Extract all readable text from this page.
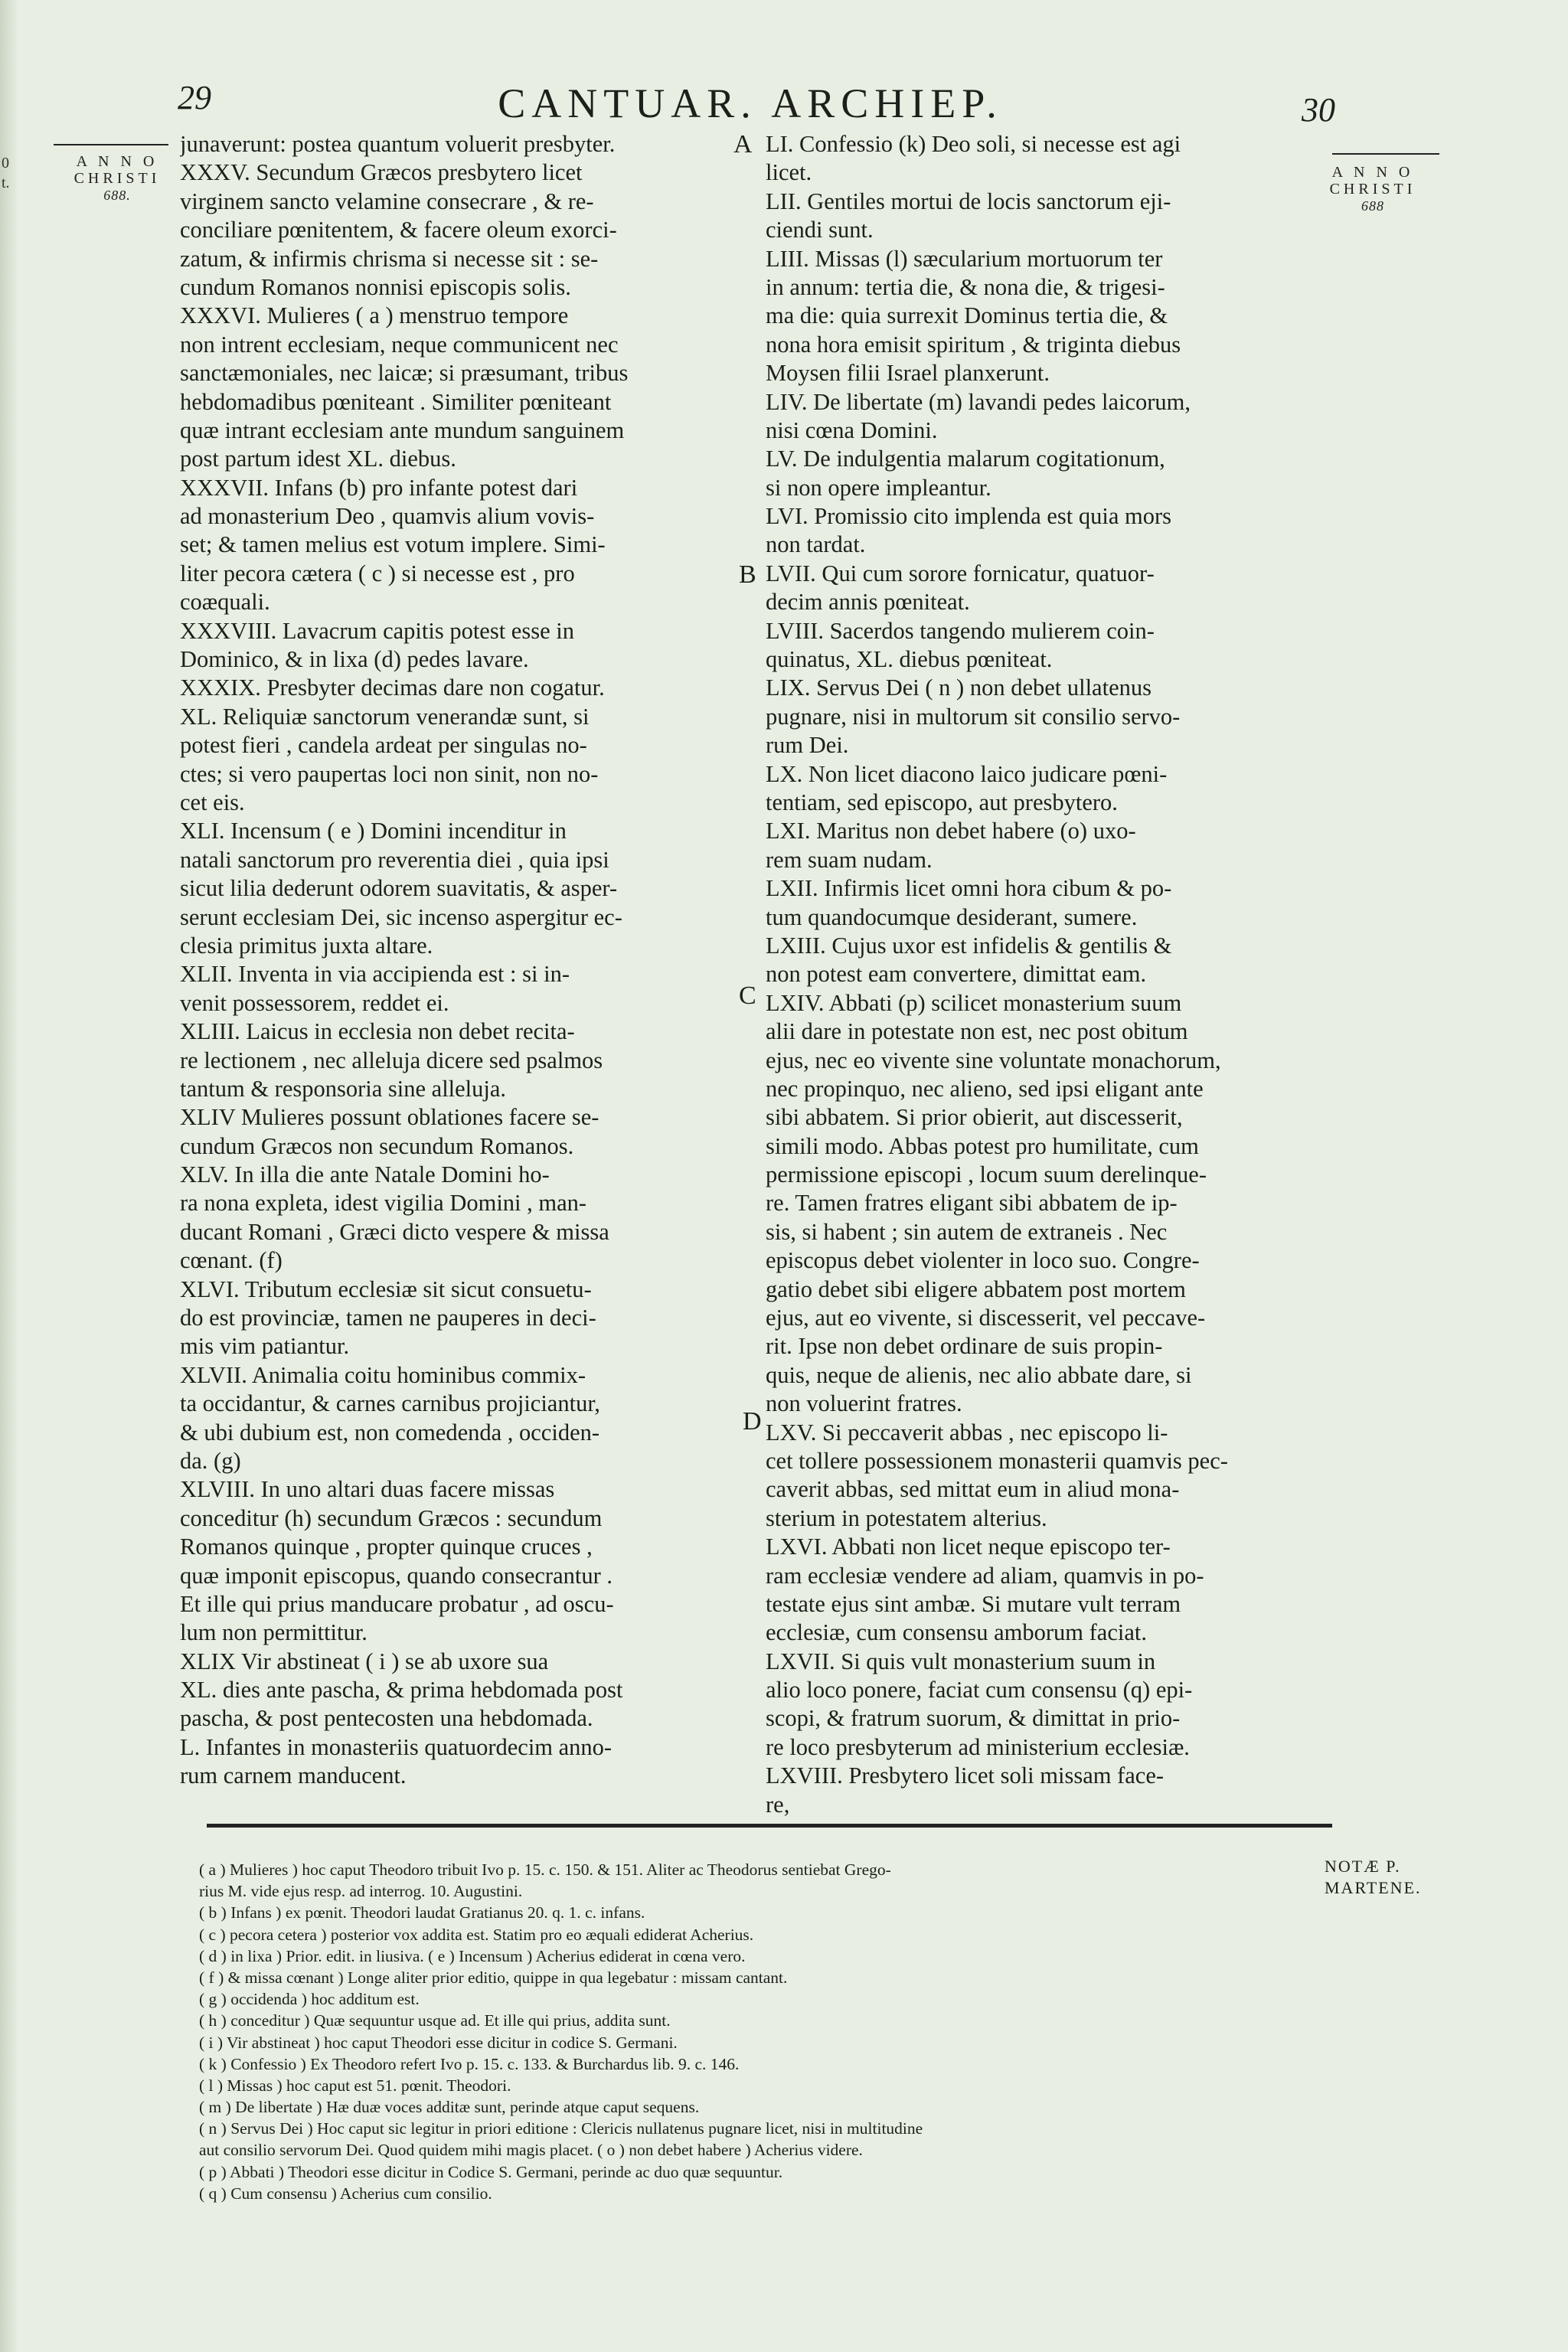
0
t.
29	CANTUAR. ARCHIEP.	30
A N N O
CHRISTI
688.
A N N O
CHRISTI
688
junaverunt: postea quantum voluerit presbyter.
XXXV. Secundum Græcos presbytero licet
virginem sancto velamine consecrare , & re-
conciliare pœnitentem, & facere oleum exorci-
zatum, & infirmis chrisma si necesse sit : se-
cundum Romanos nonnisi episcopis solis.
XXXVI. Mulieres ( a ) menstruo tempore
non intrent ecclesiam, neque communicent nec
sanctæmoniales, nec laicæ; si præsumant, tribus
hebdomadibus pœniteant . Similiter pœniteant
quæ intrant ecclesiam ante mundum sanguinem
post partum idest XL. diebus.
XXXVII. Infans (b) pro infante potest dari
ad monasterium Deo , quamvis alium vovis-
set; & tamen melius est votum implere. Simi-
liter pecora cætera ( c ) si necesse est , pro
coæquali.
XXXVIII. Lavacrum capitis potest esse in
Dominico, & in lixa (d) pedes lavare.
XXXIX. Presbyter decimas dare non cogatur.
XL. Reliquiæ sanctorum venerandæ sunt, si
potest fieri , candela ardeat per singulas no-
ctes; si vero paupertas loci non sinit, non no-
cet eis.
XLI. Incensum ( e ) Domini incenditur in
natali sanctorum pro reverentia diei , quia ipsi
sicut lilia dederunt odorem suavitatis, & asper-
serunt ecclesiam Dei, sic incenso aspergitur ec-
clesia primitus juxta altare.
XLII. Inventa in via accipienda est : si in-
venit possessorem, reddet ei.
XLIII. Laicus in ecclesia non debet recita-
re lectionem , nec alleluja dicere sed psalmos
tantum & responsoria sine alleluja.
XLIV Mulieres possunt oblationes facere se-
cundum Græcos non secundum Romanos.
XLV. In illa die ante Natale Domini ho-
ra nona expleta, idest vigilia Domini , man-
ducant Romani , Græci dicto vespere & missa
cœnant. (f)
XLVI. Tributum ecclesiæ sit sicut consuetu-
do est provinciæ, tamen ne pauperes in deci-
mis vim patiantur.
XLVII. Animalia coitu hominibus commix-
ta occidantur, & carnes carnibus projiciantur,
& ubi dubium est, non comedenda , occiden-
da. (g)
XLVIII. In uno altari duas facere missas
conceditur (h) secundum Græcos : secundum
Romanos quinque , propter quinque cruces ,
quæ imponit episcopus, quando consecrantur .
Et ille qui prius manducare probatur , ad oscu-
lum non permittitur.
XLIX Vir abstineat ( i ) se ab uxore sua
XL. dies ante pascha, & prima hebdomada post
pascha, & post pentecosten una hebdomada.
L. Infantes in monasteriis quatuordecim anno-
rum carnem manducent.
LI. Confessio (k) Deo soli, si necesse est agi
licet.
LII. Gentiles mortui de locis sanctorum eji-
ciendi sunt.
LIII. Missas (l) sæcularium mortuorum ter
in annum: tertia die, & nona die, & trigesi-
ma die: quia surrexit Dominus tertia die, &
nona hora emisit spiritum , & triginta diebus
Moysen filii Israel planxerunt.
LIV. De libertate (m) lavandi pedes laicorum,
nisi cœna Domini.
LV. De indulgentia malarum cogitationum,
si non opere impleantur.
LVI. Promissio cito implenda est quia mors
non tardat.
LVII. Qui cum sorore fornicatur, quatuor-
decim annis pœniteat.
LVIII. Sacerdos tangendo mulierem coin-
quinatus, XL. diebus pœniteat.
LIX. Servus Dei ( n ) non debet ullatenus
pugnare, nisi in multorum sit consilio servo-
rum Dei.
LX. Non licet diacono laico judicare pœni-
tentiam, sed episcopo, aut presbytero.
LXI. Maritus non debet habere (o) uxo-
rem suam nudam.
LXII. Infirmis licet omni hora cibum & po-
tum quandocumque desiderant, sumere.
LXIII. Cujus uxor est infidelis & gentilis &
non potest eam convertere, dimittat eam.
LXIV. Abbati (p) scilicet monasterium suum
alii dare in potestate non est, nec post obitum
ejus, nec eo vivente sine voluntate monachorum,
nec propinquo, nec alieno, sed ipsi eligant ante
sibi abbatem. Si prior obierit, aut discesserit,
simili modo. Abbas potest pro humilitate, cum
permissione episcopi , locum suum derelinque-
re. Tamen fratres eligant sibi abbatem de ip-
sis, si habent ; sin autem de extraneis . Nec
episcopus debet violenter in loco suo. Congre-
gatio debet sibi eligere abbatem post mortem
ejus, aut eo vivente, si discesserit, vel peccave-
rit. Ipse non debet ordinare de suis propin-
quis, neque de alienis, nec alio abbate dare, si
non voluerint fratres.
LXV. Si peccaverit abbas , nec episcopo li-
cet tollere possessionem monasterii quamvis pec-
caverit abbas, sed mittat eum in aliud mona-
sterium in potestatem alterius.
LXVI. Abbati non licet neque episcopo ter-
ram ecclesiæ vendere ad aliam, quamvis in po-
testate ejus sint ambæ. Si mutare vult terram
ecclesiæ, cum consensu amborum faciat.
LXVII. Si quis vult monasterium suum in
alio loco ponere, faciat cum consensu (q) epi-
scopi, & fratrum suorum, & dimittat in prio-
re loco presbyterum ad ministerium ecclesiæ.
LXVIII. Presbytero licet soli missam face-
re,
A
B
C
D
NOTÆ P.
MARTENE.
( a ) Mulieres ) hoc caput Theodoro tribuit Ivo p. 15. c. 150. & 151. Aliter ac Theodorus sentiebat Grego-
rius M. vide ejus resp. ad interrog. 10. Augustini.
( b ) Infans ) ex pœnit. Theodori laudat Gratianus 20. q. 1. c. infans.
( c ) pecora cetera ) posterior vox addita est. Statim pro eo æquali ediderat Acherius.
( d ) in lixa ) Prior. edit. in liusiva. ( e ) Incensum ) Acherius ediderat in cœna vero.
( f ) & missa cœnant ) Longe aliter prior editio, quippe in qua legebatur : missam cantant.
( g ) occidenda ) hoc additum est.
( h ) conceditur ) Quæ sequuntur usque ad. Et ille qui prius, addita sunt.
( i ) Vir abstineat ) hoc caput Theodori esse dicitur in codice S. Germani.
( k ) Confessio ) Ex Theodoro refert Ivo p. 15. c. 133. & Burchardus lib. 9. c. 146.
( l ) Missas ) hoc caput est 51. pœnit. Theodori.
( m ) De libertate ) Hæ duæ voces additæ sunt, perinde atque caput sequens.
( n ) Servus Dei ) Hoc caput sic legitur in priori editione : Clericis nullatenus pugnare licet, nisi in multitudine
aut consilio servorum Dei. Quod quidem mihi magis placet. ( o ) non debet habere ) Acherius videre.
( p ) Abbati ) Theodori esse dicitur in Codice S. Germani, perinde ac duo quæ sequuntur.
( q ) Cum consensu ) Acherius cum consilio.
